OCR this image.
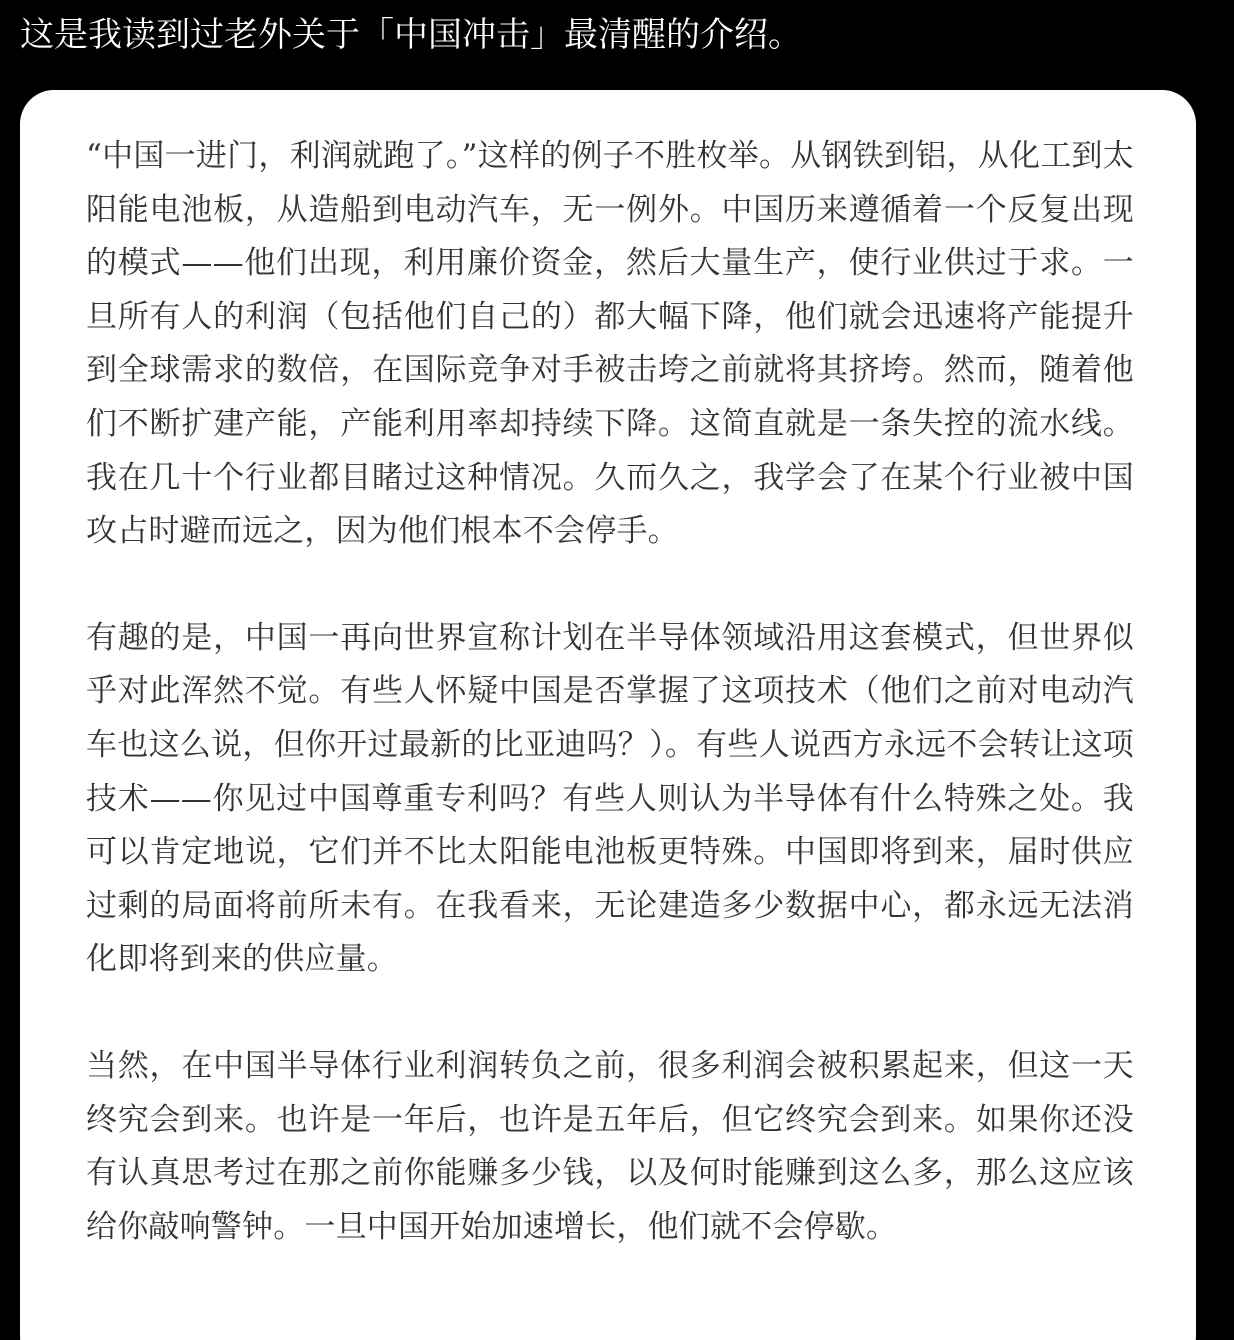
这是我读到过老外关于「中国冲击」最清醒的介绍。

“中国一进门，利润就跑了。”这样的例子不胜枚举。从钢铁到铝，从化工到太阳能电池板，从造船到电动汽车，无一例外。中国历来遵循着一个反复出现的模式——他们出现，利用廉价资金，然后大量生产，使行业供过于求。一旦所有人的利润（包括他们自己的）都大幅下降，他们就会迅速将产能提升到全球需求的数倍，在国际竞争对手被击垮之前就将其挤垮。然而，随着他们不断扩建产能，产能利用率却持续下降。这简直就是一条失控的流水线。我在几十个行业都目睹过这种情况。久而久之，我学会了在某个行业被中国攻占时避而远之，因为他们根本不会停手。

有趣的是，中国一再向世界宣称计划在半导体领域沿用这套模式，但世界似乎对此浑然不觉。有些人怀疑中国是否掌握了这项技术（他们之前对电动汽车也这么说，但你开过最新的比亚迪吗？）。有些人说西方永远不会转让这项技术——你见过中国尊重专利吗？有些人则认为半导体有什么特殊之处。我可以肯定地说，它们并不比太阳能电池板更特殊。中国即将到来，届时供应过剩的局面将前所未有。在我看来，无论建造多少数据中心，都永远无法消化即将到来的供应量。

当然，在中国半导体行业利润转负之前，很多利润会被积累起来，但这一天终究会到来。也许是一年后，也许是五年后，但它终究会到来。如果你还没有认真思考过在那之前你能赚多少钱，以及何时能赚到这么多，那么这应该给你敲响警钟。一旦中国开始加速增长，他们就不会停歇。
